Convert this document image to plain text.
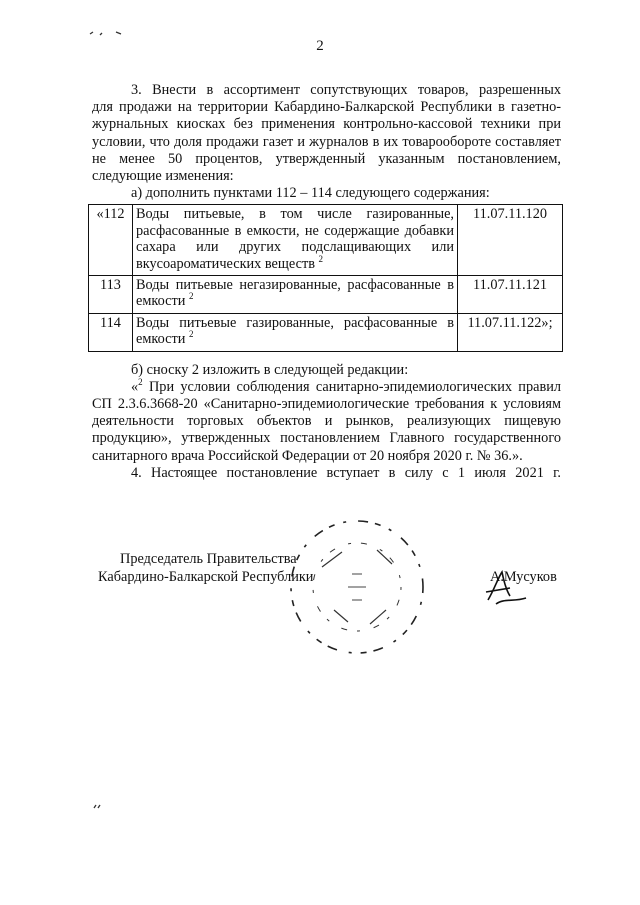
2

3. Внести в ассортимент сопутствующих товаров, разрешенных

для продажи на территории Кабардино-Балкарской Республики в газетно-журнальных киосках без применения контрольно-кассовой техники при условии, что доля продажи газет и журналов в их товарообороте составляет не менее 50 процентов, утвержденный указанным постановлением, следующие изменения:

а) дополнить пунктами 112 – 114 следующего содержания:

«112	Воды питьевые, в том числе газированные, расфасованные в емкости, не содержащие добавки сахара или других подслащивающих или вкусоароматических веществ $^2$	11.07.11.120
113	Воды питьевые негазированные, расфасованные в емкости $^2$	11.07.11.121
114	Воды питьевые газированные, расфасованные в емкости $^2$	11.07.11.122»;

б) сноску 2 изложить в следующей редакции:

«$^2$ При условии соблюдения санитарно-эпидемиологических правил СП 2.3.6.3668-20 «Санитарно-эпидемиологические требования к условиям деятельности торговых объектов и рынков, реализующих пищевую продукцию», утвержденных постановлением Главного государственного санитарного врача Российской Федерации от 20 ноября 2020 г. № 36.».

4. Настоящее постановление вступает в силу с 1 июля 2021 г.

Председатель Правительства
Кабардино-Балкарской Республики	А.Мусуков
